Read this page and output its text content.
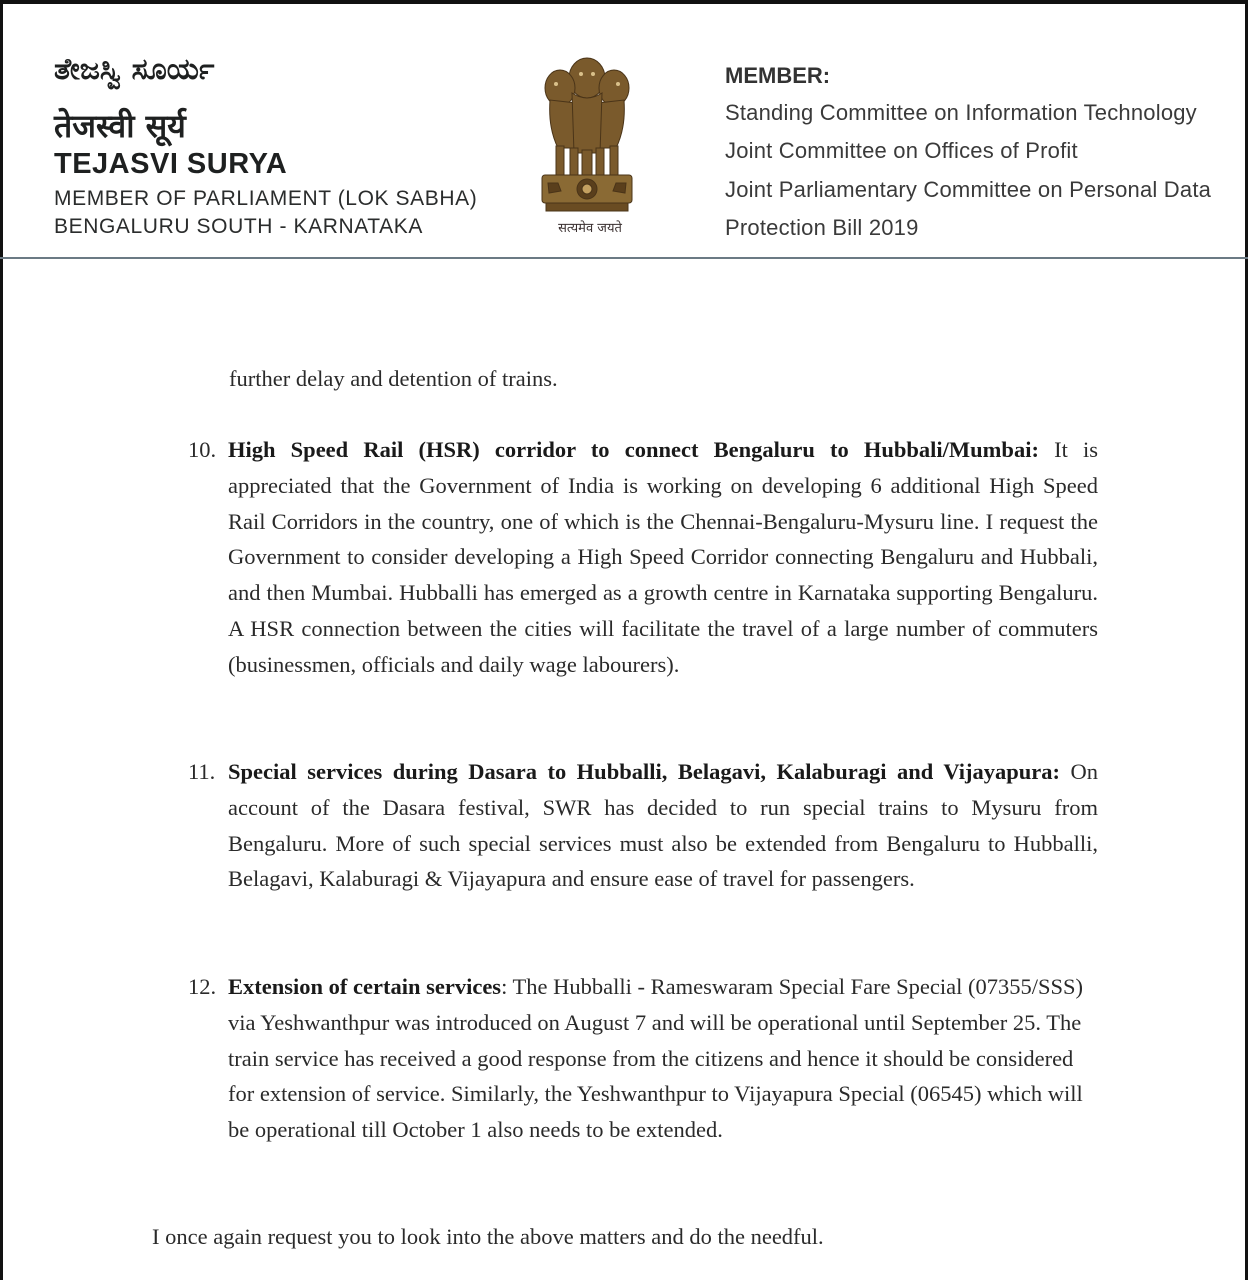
ತೇಜಸ್ವಿ ಸೂರ್ಯ
तेजस्वी सूर्य
TEJASVI SURYA
MEMBER OF PARLIAMENT (LOK SABHA)
BENGALURU SOUTH - KARNATAKA	सत्यमेव जयते
MEMBER:
Standing Committee on Information Technology
Joint Committee on Offices of Profit
Joint Parliamentary Committee on Personal Data
Protection Bill 2019
further delay and detention of trains.
10. High Speed Rail (HSR) corridor to connect Bengaluru to Hubbali/Mumbai: It is appreciated that the Government of India is working on developing 6 additional High Speed Rail Corridors in the country, one of which is the Chennai-Bengaluru-Mysuru line. I request the Government to consider developing a High Speed Corridor connecting Bengaluru and Hubbali, and then Mumbai. Hubballi has emerged as a growth centre in Karnataka supporting Bengaluru. A HSR connection between the cities will facilitate the travel of a large number of commuters (businessmen, officials and daily wage labourers).
11. Special services during Dasara to Hubballi, Belagavi, Kalaburagi and Vijayapura: On account of the Dasara festival, SWR has decided to run special trains to Mysuru from Bengaluru. More of such special services must also be extended from Bengaluru to Hubballi, Belagavi, Kalaburagi & Vijayapura and ensure ease of travel for passengers.
12. Extension of certain services: The Hubballi - Rameswaram Special Fare Special (07355/SSS) via Yeshwanthpur was introduced on August 7 and will be operational until September 25. The train service has received a good response from the citizens and hence it should be considered for extension of service. Similarly, the Yeshwanthpur to Vijayapura Special (06545) which will be operational till October 1 also needs to be extended.
I once again request you to look into the above matters and do the needful.
